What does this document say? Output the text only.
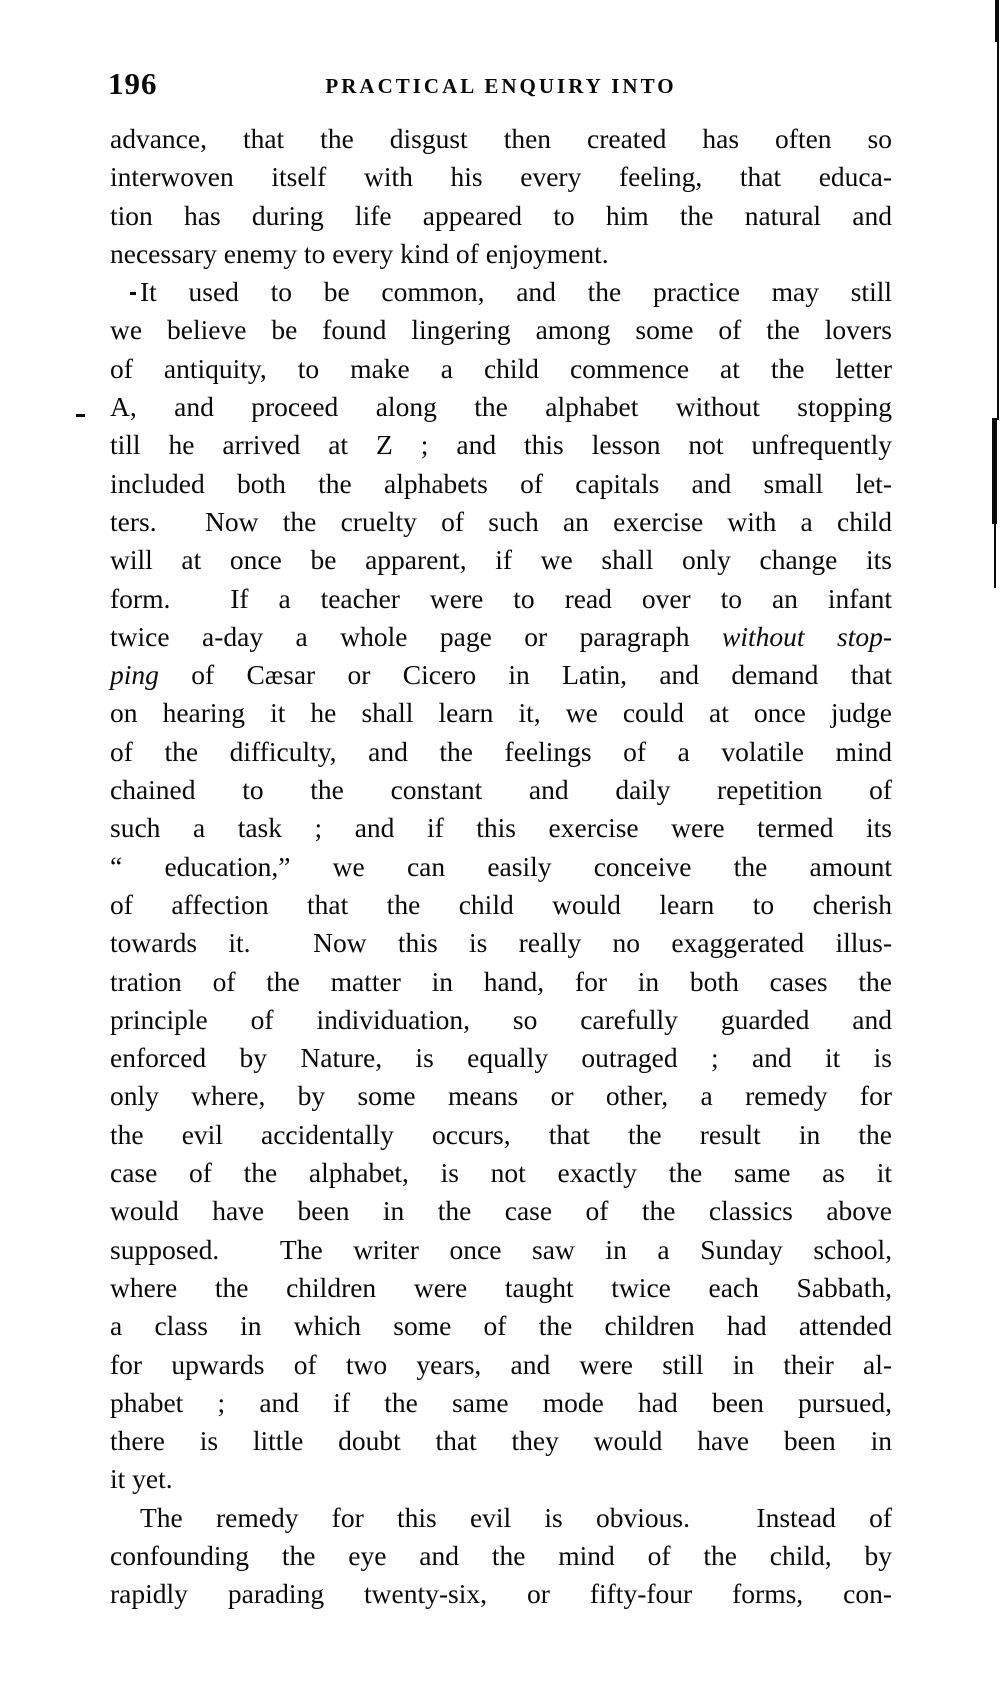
196	PRACTICAL ENQUIRY INTO
advance, that the disgust then created has often so
interwoven itself with his every feeling, that educa-
tion has during life appeared to him the natural and
necessary enemy to every kind of enjoyment.
It used to be common, and the practice may still
we believe be found lingering among some of the lovers
of antiquity, to make a child commence at the letter
A, and proceed along the alphabet without stopping
till he arrived at Z ; and this lesson not unfrequently
included both the alphabets of capitals and small let-
ters.  Now the cruelty of such an exercise with a child
will at once be apparent, if we shall only change its
form.  If a teacher were to read over to an infant
twice a-day a whole page or paragraph without stop-
ping of Cæsar or Cicero in Latin, and demand that
on hearing it he shall learn it, we could at once judge
of the difficulty, and the feelings of a volatile mind
chained to the constant and daily repetition of
such a task ; and if this exercise were termed its
“ education,” we can easily conceive the amount
of affection that the child would learn to cherish
towards it.  Now this is really no exaggerated illus-
tration of the matter in hand, for in both cases the
principle of individuation, so carefully guarded and
enforced by Nature, is equally outraged ; and it is
only where, by some means or other, a remedy for
the evil accidentally occurs, that the result in the
case of the alphabet, is not exactly the same as it
would have been in the case of the classics above
supposed.  The writer once saw in a Sunday school,
where the children were taught twice each Sabbath,
a class in which some of the children had attended
for upwards of two years, and were still in their al-
phabet ; and if the same mode had been pursued,
there is little doubt that they would have been in
it yet.
The remedy for this evil is obvious.  Instead of
confounding the eye and the mind of the child, by
rapidly parading twenty-six, or fifty-four forms, con-
